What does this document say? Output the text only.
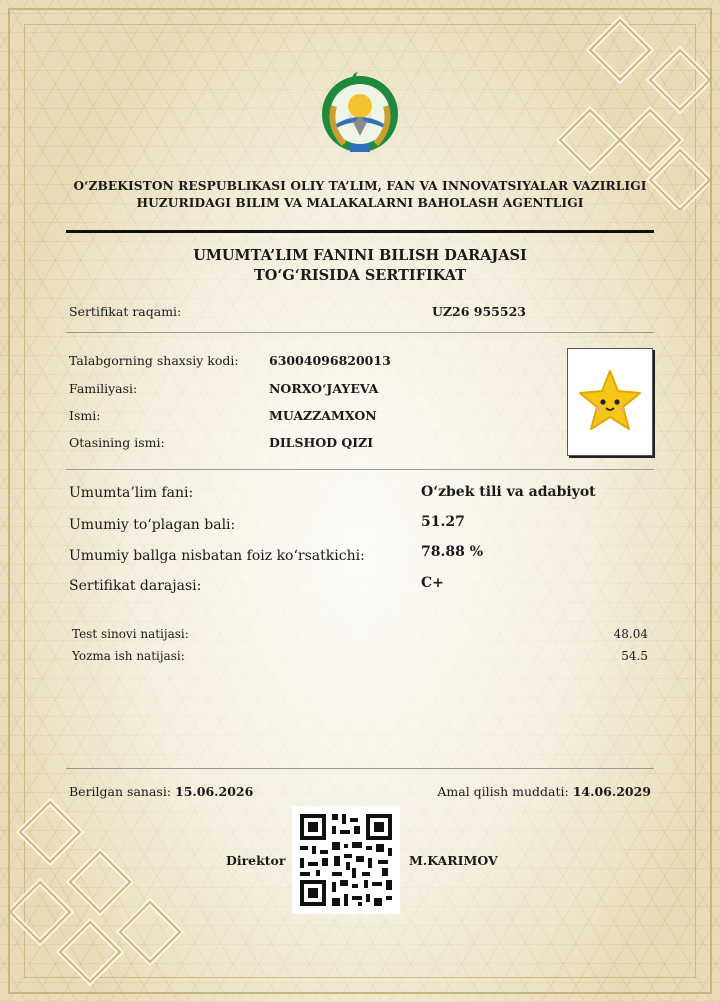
O‘ZBEKISTON RESPUBLIKASI OLIY TA’LIM, FAN VA INNOVATSIYALAR VAZIRLIGI
HUZURIDAGI BILIM VA MALAKALARNI BAHOLASH AGENTLIGI
UMUMTA’LIM FANINI BILISH DARAJASI
TO‘G‘RISIDA SERTIFIKAT
Sertifikat raqami:	UZ26 955523
Talabgorning shaxsiy kodi: 63004096820013
Familiyasi:	NORXO‘JAYEVA
Ismi:	MUAZZAMXON
Otasining ismi:	DILSHOD QIZI
Umumta’lim fani:	O‘zbek tili va adabiyot
Umumiy to‘plagan bali:	51.27
Umumiy ballga nisbatan foiz ko‘rsatkichi:	78.88 %
Sertifikat darajasi:	C+
Test sinovi natijasi:	48.04
Yozma ish natijasi:	54.5
Berilgan sanasi: 15.06.2026	Amal qilish muddati: 14.06.2029
Direktor	M.KARIMOV
